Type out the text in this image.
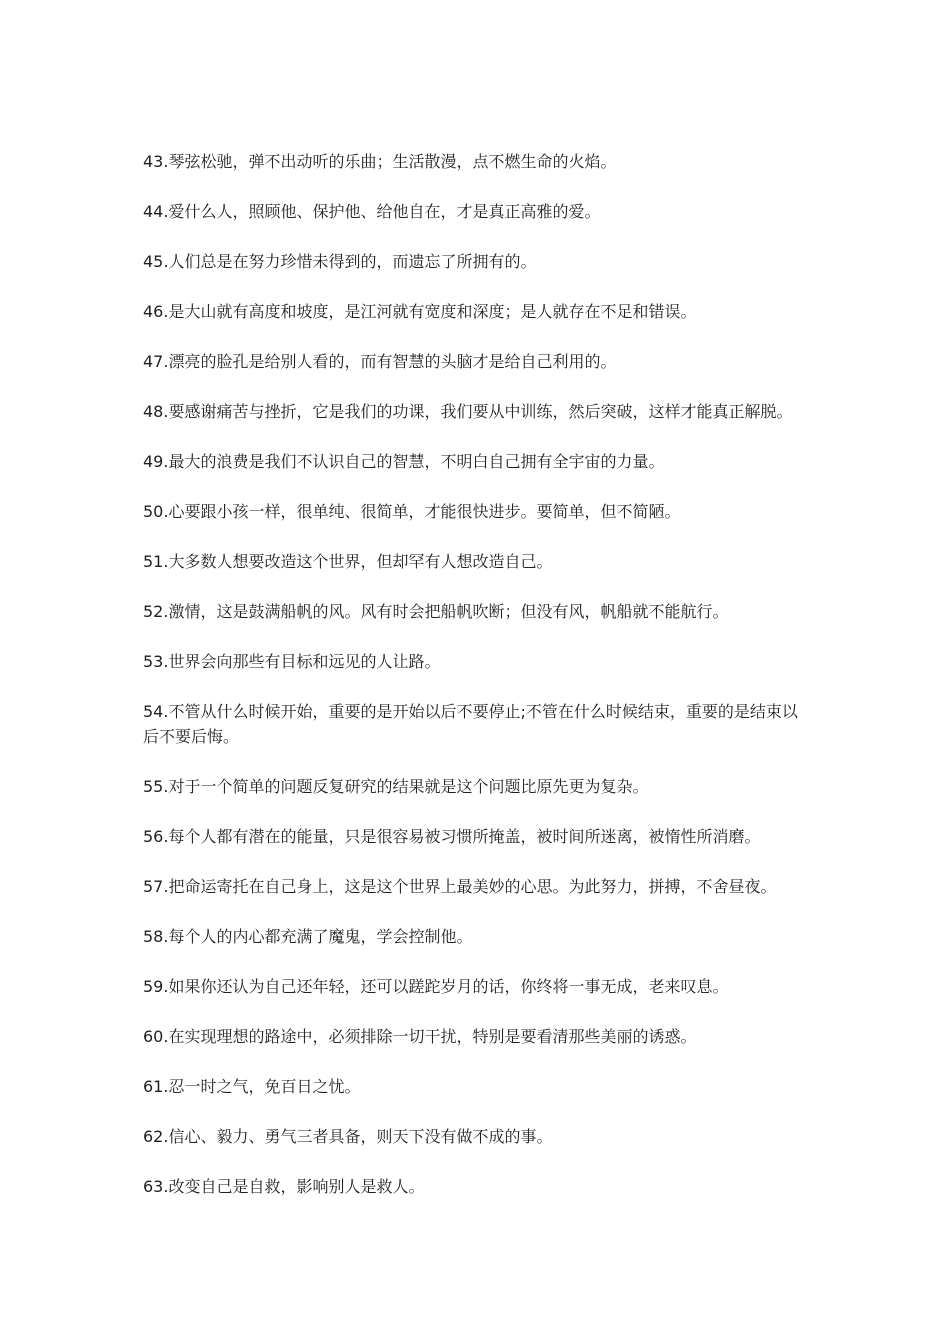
43.琴弦松驰，弹不出动听的乐曲；生活散漫，点不燃生命的火焰。
44.爱什么人，照顾他、保护他、给他自在，才是真正高雅的爱。
45.人们总是在努力珍惜未得到的，而遗忘了所拥有的。
46.是大山就有高度和坡度，是江河就有宽度和深度；是人就存在不足和错误。
47.漂亮的脸孔是给别人看的，而有智慧的头脑才是给自己利用的。
48.要感谢痛苦与挫折，它是我们的功课，我们要从中训练，然后突破，这样才能真正解脱。
49.最大的浪费是我们不认识自己的智慧，不明白自己拥有全宇宙的力量。
50.心要跟小孩一样，很单纯、很简单，才能很快进步。要简单，但不简陋。
51.大多数人想要改造这个世界，但却罕有人想改造自己。
52.激情，这是鼓满船帆的风。风有时会把船帆吹断；但没有风，帆船就不能航行。
53.世界会向那些有目标和远见的人让路。
54.不管从什么时候开始，重要的是开始以后不要停止;不管在什么时候结束，重要的是结束以后不要后悔。
55.对于一个简单的问题反复研究的结果就是这个问题比原先更为复杂。
56.每个人都有潜在的能量，只是很容易被习惯所掩盖，被时间所迷离，被惰性所消磨。
57.把命运寄托在自己身上，这是这个世界上最美妙的心思。为此努力，拼搏，不舍昼夜。
58.每个人的内心都充满了魔鬼，学会控制他。
59.如果你还认为自己还年轻，还可以蹉跎岁月的话，你终将一事无成，老来叹息。
60.在实现理想的路途中，必须排除一切干扰，特别是要看清那些美丽的诱惑。
61.忍一时之气，免百日之忧。
62.信心、毅力、勇气三者具备，则天下没有做不成的事。
63.改变自己是自救，影响别人是救人。
